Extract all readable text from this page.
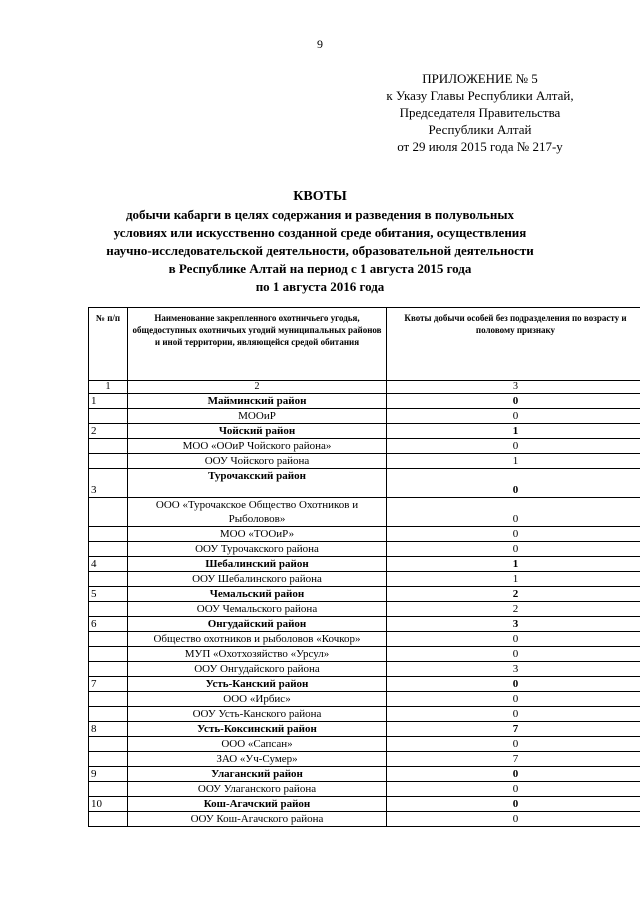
9
ПРИЛОЖЕНИЕ № 5
к Указу Главы Республики Алтай,
Председателя Правительства
Республики Алтай
от 29 июля 2015 года № 217-у
КВОТЫ
добычи кабарги в целях содержания и разведения в полувольных
условиях или искусственно созданной среде обитания, осуществления
научно-исследовательской деятельности, образовательной деятельности
в Республике Алтай на период с 1 августа 2015 года
по 1 августа 2016 года
№ п/п	Наименование закрепленного охотничьего угодья, общедоступных охотничьих угодий муниципальных районов и иной территории, являющейся средой обитания	Квоты добычи особей без подразделения по возрасту и половому признаку
1	2	3
1	Майминский район	0
	МООиР	0
2	Чойский район	1
	МОО «ООиР Чойского района»	0
	ООУ Чойского района	1
3	Турочакский район	0
	ООО «Турочакское Общество Охотников и Рыболовов»	0
	МОО «ТООиР»	0
	ООУ Турочакского района	0
4	Шебалинский район	1
	ООУ Шебалинского района	1
5	Чемальский район	2
	ООУ Чемальского района	2
6	Онгудайский район	3
	Общество охотников и рыболовов «Кочкор»	0
	МУП «Охотхозяйство «Урсул»	0
	ООУ Онгудайского района	3
7	Усть-Канский район	0
	ООО «Ирбис»	0
	ООУ Усть-Канского района	0
8	Усть-Коксинский район	7
	ООО «Сапсан»	0
	ЗАО «Уч-Сумер»	7
9	Улаганский район	0
	ООУ Улаганского района	0
10	Кош-Агачский район	0
	ООУ Кош-Агачского района	0
